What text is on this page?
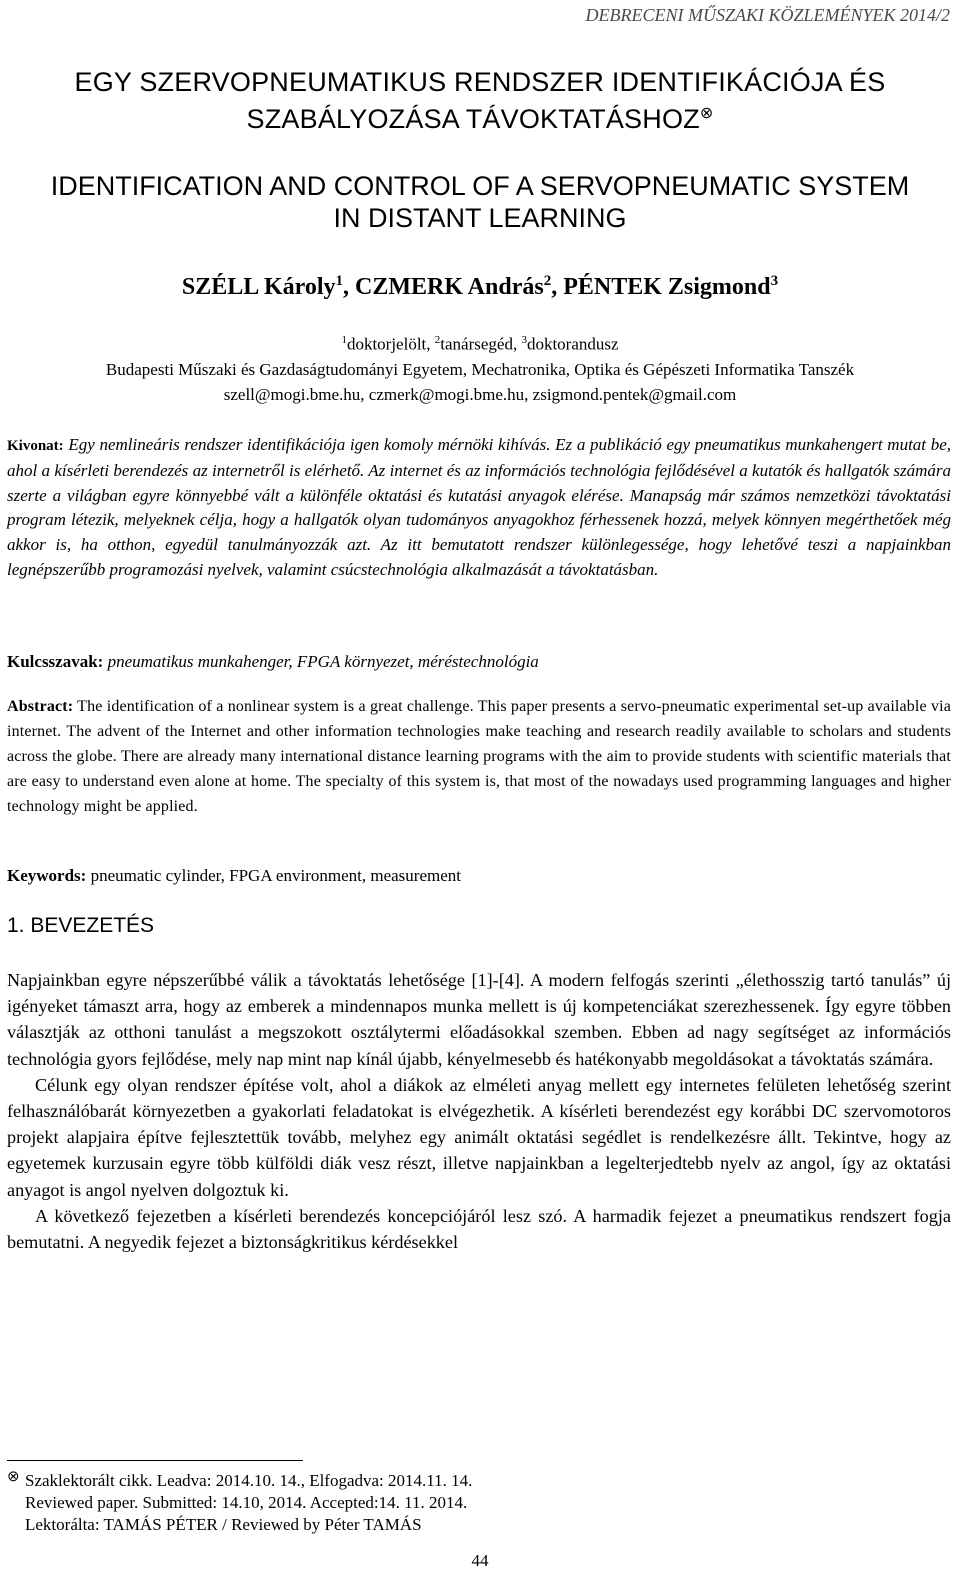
DEBRECENI MŰSZAKI KÖZLEMÉNYEK 2014/2
EGY SZERVOPNEUMATIKUS RENDSZER IDENTIFIKÁCIÓJA ÉS
SZABÁLYOZÁSA TÁVOKTATÁSHOZ⊗
IDENTIFICATION AND CONTROL OF A SERVOPNEUMATIC SYSTEM
IN DISTANT LEARNING
SZÉLL Károly$^1$, CZMERK András$^2$, PÉNTEK Zsigmond$^3$
$^1$doktorjelölt, $^2$tanársegéd, $^3$doktorandusz
Budapesti Műszaki és Gazdaságtudományi Egyetem, Mechatronika, Optika és Gépészeti Informatika Tanszék
szell@mogi.bme.hu, czmerk@mogi.bme.hu, zsigmond.pentek@gmail.com
Kivonat: Egy nemlineáris rendszer identifikációja igen komoly mérnöki kihívás. Ez a publikáció egy pneumatikus munkahengert mutat be, ahol a kísérleti berendezés az internetről is elérhető. Az internet és az információs technológia fejlődésével a kutatók és hallgatók számára szerte a világban egyre könnyebbé vált a különféle oktatási és kutatási anyagok elérése. Manapság már számos nemzetközi távoktatási program létezik, melyeknek célja, hogy a hallgatók olyan tudományos anyagokhoz férhessenek hozzá, melyek könnyen megérthetőek még akkor is, ha otthon, egyedül tanulmányozzák azt. Az itt bemutatott rendszer különlegessége, hogy lehetővé teszi a napjainkban legnépszerűbb programozási nyelvek, valamint csúcstechnológia alkalmazását a távoktatásban.
Kulcsszavak: pneumatikus munkahenger, FPGA környezet, méréstechnológia
Abstract: The identification of a nonlinear system is a great challenge. This paper presents a servo-pneumatic experimental set-up available via internet. The advent of the Internet and other information technologies make teaching and research readily available to scholars and students across the globe. There are already many international distance learning programs with the aim to provide students with scientific materials that are easy to understand even alone at home. The specialty of this system is, that most of the nowadays used programming languages and higher technology might be applied.
Keywords: pneumatic cylinder, FPGA environment, measurement
1. BEVEZETÉS

Napjainkban egyre népszerűbbé válik a távoktatás lehetősége [1]-[4]. A modern felfogás szerinti „élethosszig tartó tanulás” új igényeket támaszt arra, hogy az emberek a mindennapos munka mellett is új kompetenciákat szerezhessenek. Így egyre többen választják az otthoni tanulást a megszokott osztálytermi előadásokkal szemben. Ebben ad nagy segítséget az információs technológia gyors fejlődése, mely nap mint nap kínál újabb, kényelmesebb és hatékonyabb megoldásokat a távoktatás számára.

Célunk egy olyan rendszer építése volt, ahol a diákok az elméleti anyag mellett egy internetes felületen lehetőség szerint felhasználóbarát környezetben a gyakorlati feladatokat is elvégezhetik. A kísérleti berendezést egy korábbi DC szervomotoros projekt alapjaira építve fejlesztettük tovább, melyhez egy animált oktatási segédlet is rendelkezésre állt. Tekintve, hogy az egyetemek kurzusain egyre több külföldi diák vesz részt, illetve napjainkban a legelterjedtebb nyelv az angol, így az oktatási anyagot is angol nyelven dolgoztuk ki.

A következő fejezetben a kísérleti berendezés koncepciójáról lesz szó. A harmadik fejezet a pneumatikus rendszert fogja bemutatni. A negyedik fejezet a biztonságkritikus kérdésekkel

⊗ Szaklektorált cikk. Leadva: 2014.10. 14., Elfogadva: 2014.11. 14.
Reviewed paper. Submitted: 14.10, 2014. Accepted:14. 11. 2014.
Lektorálta: TAMÁS PÉTER / Reviewed by Péter TAMÁS
44
